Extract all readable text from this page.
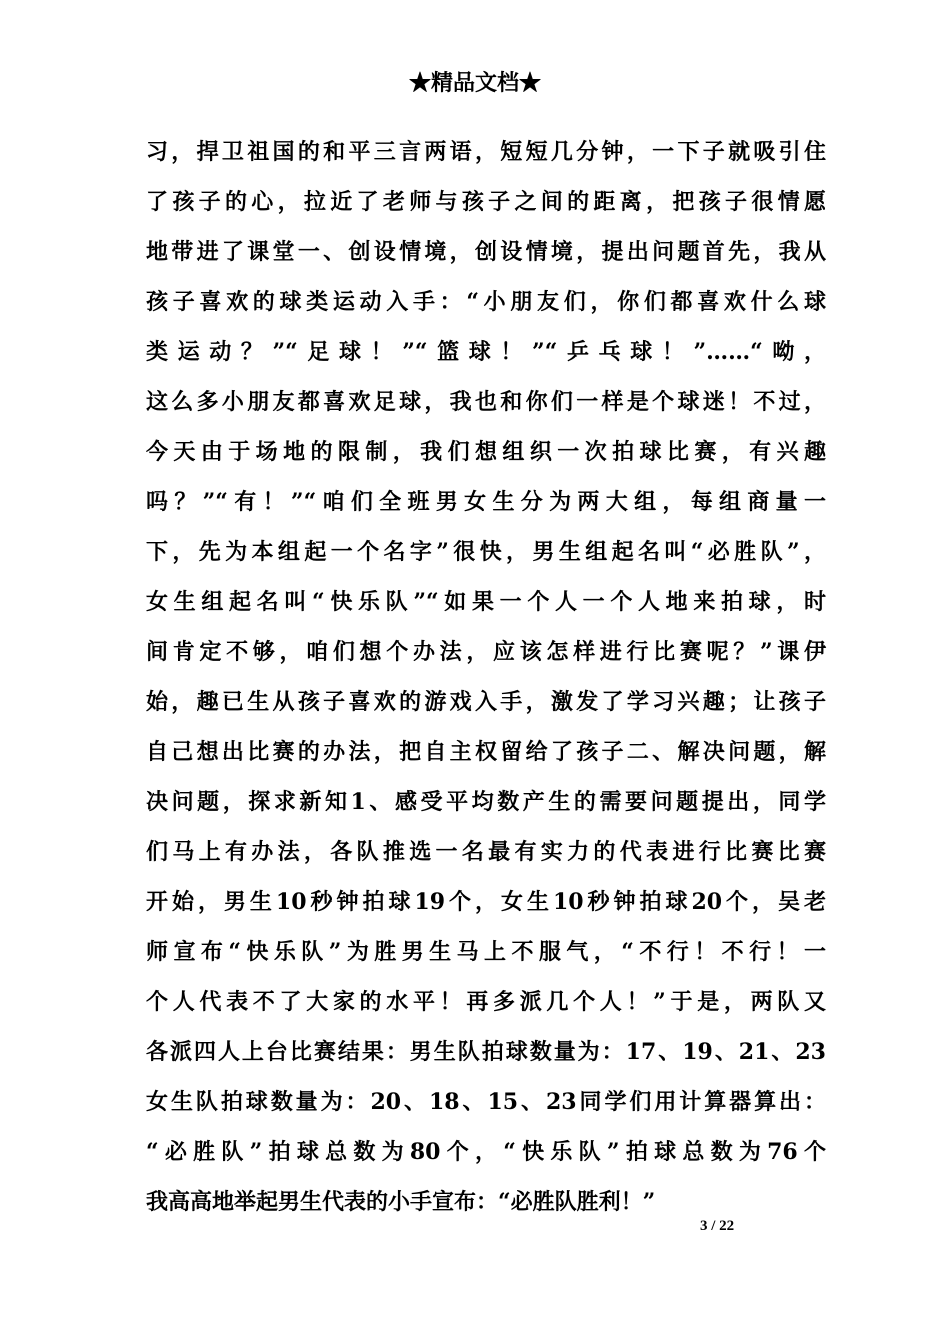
★精品文档★
习，捍卫祖国的和平三言两语，短短几分钟，一下子就吸引住
了孩子的心，拉近了老师与孩子之间的距离，把孩子很情愿
地带进了课堂一、创设情境，创设情境，提出问题首先，我从
孩子喜欢的球类运动入手：“小朋友们，你们都喜欢什么球
类运动？”“足球！”“篮球！”“乒乓球！”……“呦，
这么多小朋友都喜欢足球，我也和你们一样是个球迷！不过，
今天由于场地的限制，我们想组织一次拍球比赛，有兴趣
吗？”“有！”“咱们全班男女生分为两大组，每组商量一
下，先为本组起一个名字”很快，男生组起名叫“必胜队”，
女生组起名叫“快乐队”“如果一个人一个人地来拍球，时
间肯定不够，咱们想个办法，应该怎样进行比赛呢？”课伊
始，趣已生从孩子喜欢的游戏入手，激发了学习兴趣；让孩子
自己想出比赛的办法，把自主权留给了孩子二、解决问题，解
决问题，探求新知1、感受平均数产生的需要问题提出，同学
们马上有办法，各队推选一名最有实力的代表进行比赛比赛
开始，男生10秒钟拍球19个，女生10秒钟拍球20个，吴老
师宣布“快乐队”为胜男生马上不服气，“不行！不行！一
个人代表不了大家的水平！再多派几个人！”于是，两队又
各派四人上台比赛结果：男生队拍球数量为：17、19、21、23
女生队拍球数量为：20、18、15、23同学们用计算器算出：
“必胜队”拍球总数为80个，“快乐队”拍球总数为76个
我高高地举起男生代表的小手宣布：“必胜队胜利！”
3 / 22
